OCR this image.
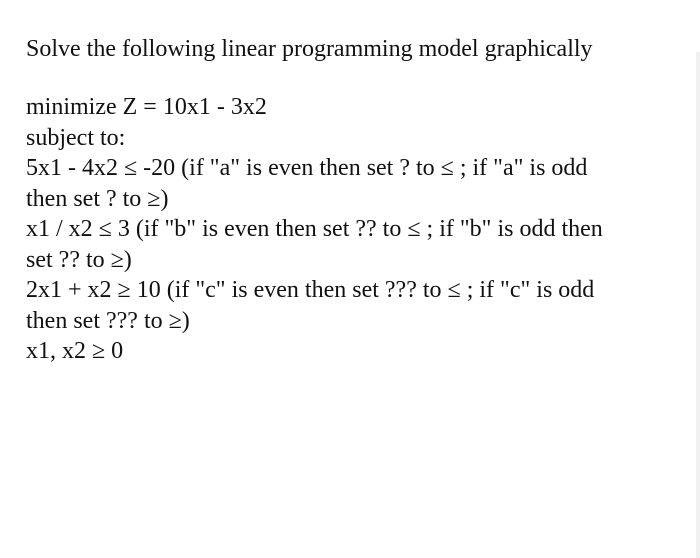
Solve the following linear programming model graphically

minimize Z = 10x1 - 3x2

subject to:

5x1 - 4x2 ≤ -20 (if "a" is even then set ? to ≤ ; if "a" is odd

then set ? to ≥)

x1 / x2 ≤ 3 (if "b" is even then set ?? to ≤ ; if "b" is odd then

set ?? to ≥)

2x1 + x2 ≥ 10 (if "c" is even then set ??? to ≤ ; if "c" is odd

then set ??? to ≥)

x1, x2 ≥ 0
